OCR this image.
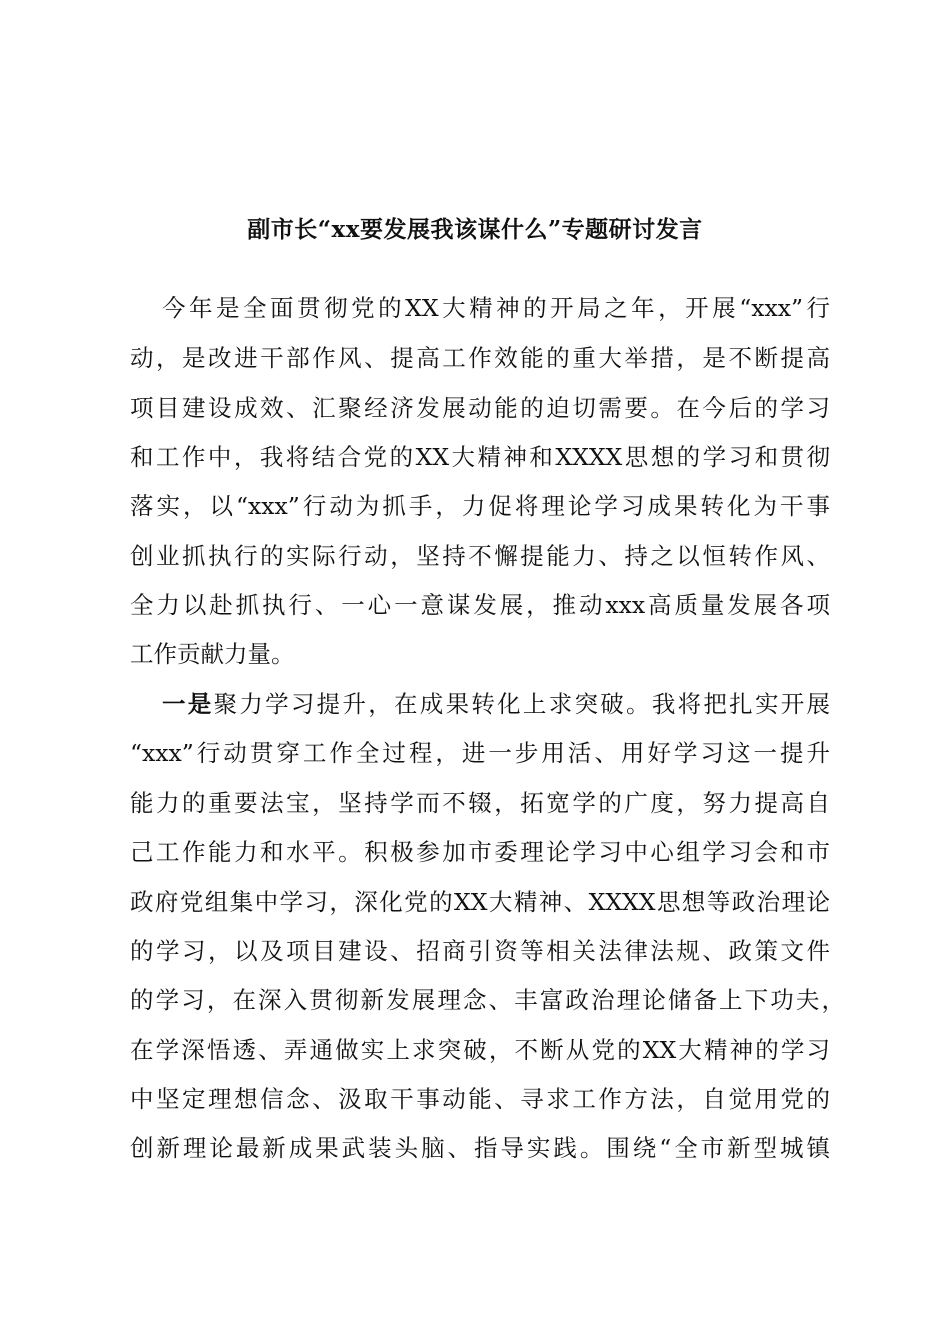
副市长“xx要发展我该谋什么”专题研讨发言
今年是全面贯彻党的XX大精神的开局之年，开展“xxx”行
动，是改进干部作风、提高工作效能的重大举措，是不断提高
项目建设成效、汇聚经济发展动能的迫切需要。在今后的学习
和工作中，我将结合党的XX大精神和XXXX思想的学习和贯彻
落实，以“xxx”行动为抓手，力促将理论学习成果转化为干事
创业抓执行的实际行动，坚持不懈提能力、持之以恒转作风、
全力以赴抓执行、一心一意谋发展，推动xxx高质量发展各项
工作贡献力量。
一是聚力学习提升，在成果转化上求突破。我将把扎实开展
“xxx”行动贯穿工作全过程，进一步用活、用好学习这一提升
能力的重要法宝，坚持学而不辍，拓宽学的广度，努力提高自
己工作能力和水平。积极参加市委理论学习中心组学习会和市
政府党组集中学习，深化党的XX大精神、XXXX思想等政治理论
的学习，以及项目建设、招商引资等相关法律法规、政策文件
的学习，在深入贯彻新发展理念、丰富政治理论储备上下功夫，
在学深悟透、弄通做实上求突破，不断从党的XX大精神的学习
中坚定理想信念、汲取干事动能、寻求工作方法，自觉用党的
创新理论最新成果武装头脑、指导实践。围绕“全市新型城镇
